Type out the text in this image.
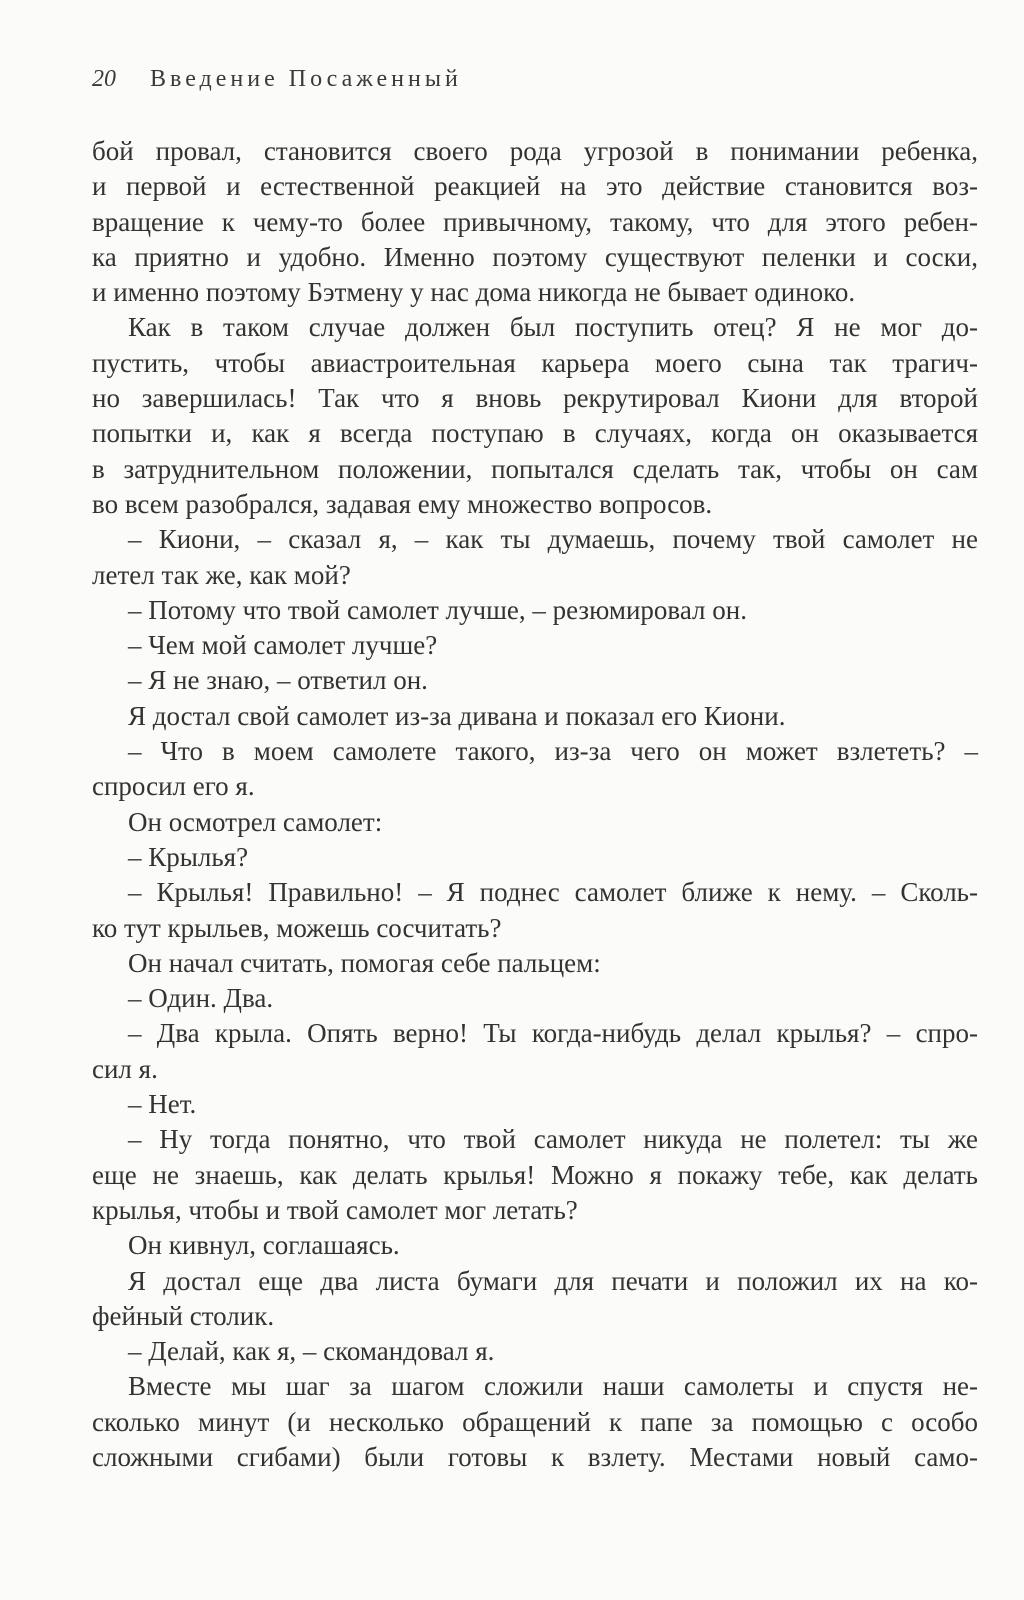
20 Введение Посаженный
бой провал, становится своего рода угрозой в понимании ребенка,
и первой и естественной реакцией на это действие становится воз-
вращение к чему-то более привычному, такому, что для этого ребен-
ка приятно и удобно. Именно поэтому существуют пеленки и соски,
и именно поэтому Бэтмену у нас дома никогда не бывает одиноко.
Как в таком случае должен был поступить отец? Я не мог до-
пустить, чтобы авиастроительная карьера моего сына так трагич-
но завершилась! Так что я вновь рекрутировал Киони для второй
попытки и, как я всегда поступаю в случаях, когда он оказывается
в затруднительном положении, попытался сделать так, чтобы он сам
во всем разобрался, задавая ему множество вопросов.
– Киони, – сказал я, – как ты думаешь, почему твой самолет не
летел так же, как мой?
– Потому что твой самолет лучше, – резюмировал он.
– Чем мой самолет лучше?
– Я не знаю, – ответил он.
Я достал свой самолет из-за дивана и показал его Киони.
– Что в моем самолете такого, из-за чего он может взлететь? –
спросил его я.
Он осмотрел самолет:
– Крылья?
– Крылья! Правильно! – Я поднес самолет ближе к нему. – Сколь-
ко тут крыльев, можешь сосчитать?
Он начал считать, помогая себе пальцем:
– Один. Два.
– Два крыла. Опять верно! Ты когда-нибудь делал крылья? – спро-
сил я.
– Нет.
– Ну тогда понятно, что твой самолет никуда не полетел: ты же
еще не знаешь, как делать крылья! Можно я покажу тебе, как делать
крылья, чтобы и твой самолет мог летать?
Он кивнул, соглашаясь.
Я достал еще два листа бумаги для печати и положил их на ко-
фейный столик.
– Делай, как я, – скомандовал я.
Вместе мы шаг за шагом сложили наши самолеты и спустя не-
сколько минут (и несколько обращений к папе за помощью с особо
сложными сгибами) были готовы к взлету. Местами новый само-
